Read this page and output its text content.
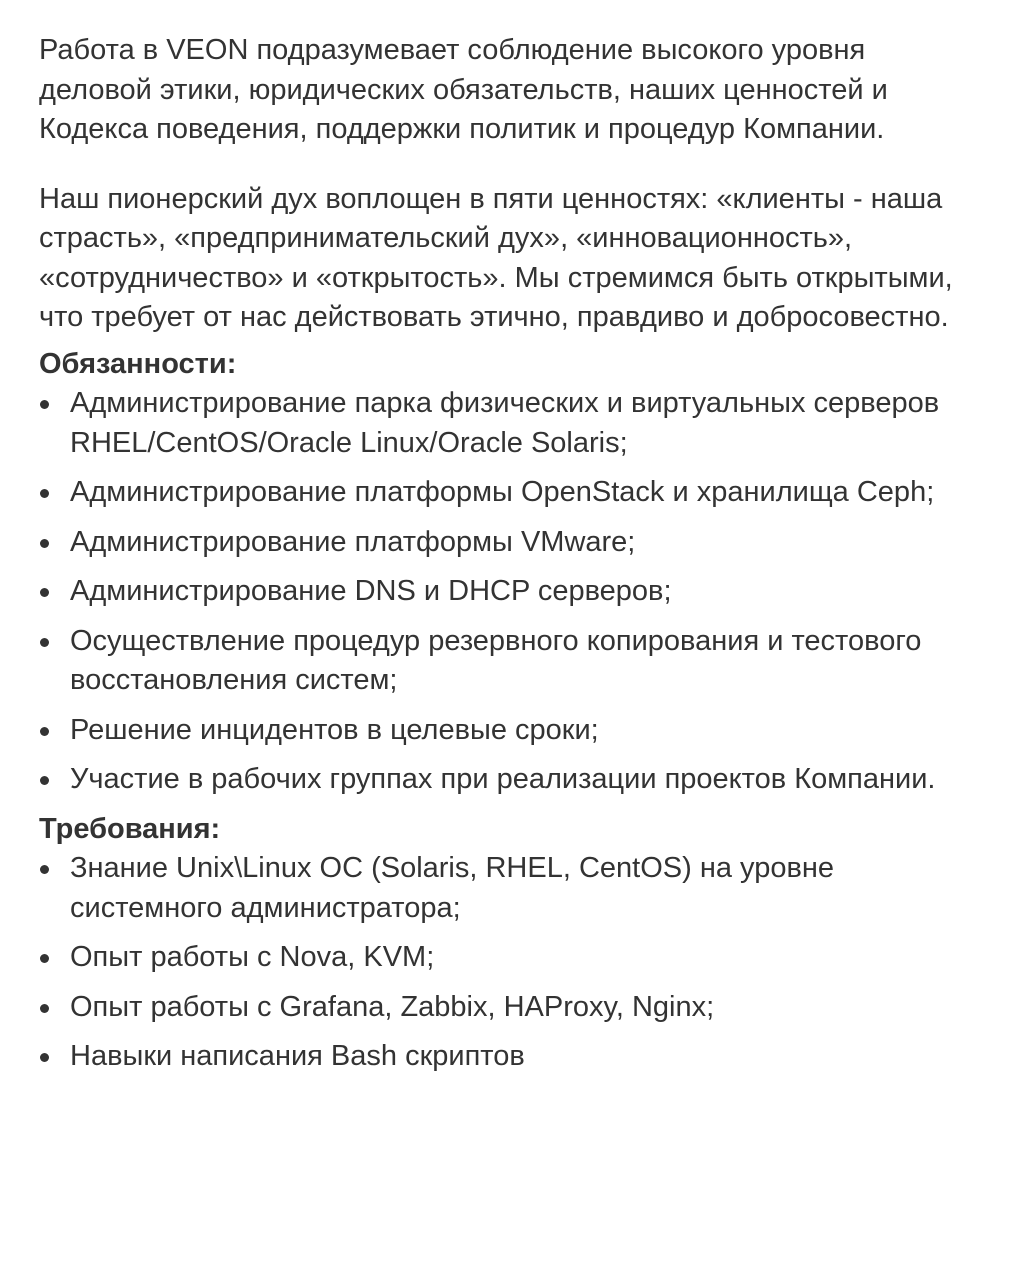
Работа в VEON подразумевает соблюдение высокого уровня деловой этики, юридических обязательств, наших ценностей и Кодекса поведения, поддержки политик и процедур Компании.

Наш пионерский дух воплощен в пяти ценностях: «клиенты - наша страсть», «предпринимательский дух», «инновационность», «сотрудничество» и «открытость». Мы стремимся быть открытыми, что требует от нас действовать этично, правдиво и добросовестно.

Обязанности:
Администрирование парка физических и виртуальных серверов RHEL/CentOS/Oracle Linux/Oracle Solaris;
Администрирование платформы OpenStack и хранилища Ceph;
Администрирование платформы VMware;
Администрирование DNS и DHCP серверов;
Осуществление процедур резервного копирования и тестового восстановления систем;
Решение инцидентов в целевые сроки;
Участие в рабочих группах при реализации проектов Компании.
Требования:
Знание Unix\Linux ОС (Solaris, RHEL, CentOS) на уровне системного администратора;
Опыт работы с Nova, KVM;
Опыт работы с Grafana, Zabbix, HAProxy, Nginx;
Навыки написания Bash скриптов
